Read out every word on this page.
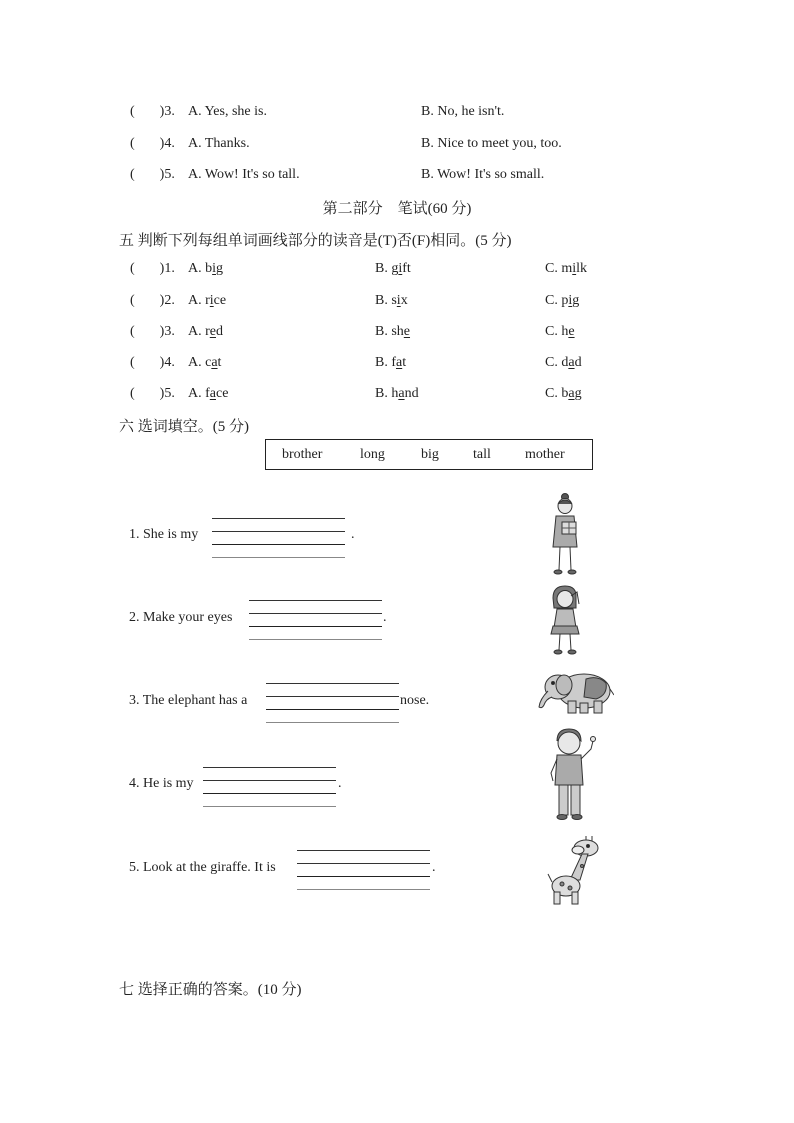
( )3. A. Yes, she is.	B. No, he isn't.
( )4. A. Thanks.	B. Nice to meet you, too.
( )5. A. Wow! It's so tall.	B. Wow! It's so small.
第二部分　笔试(60 分)
五 判断下列每组单词画线部分的读音是(T)否(F)相同。(5 分)
( )1. A. big	B. gift	C. milk
( )2. A. rice	B. six	C. pig
( )3. A. red	B. she	C. he
( )4. A. cat	B. fat	C. dad
( )5. A. face	B. hand	C. bag
六 选词填空。(5 分)
brother	long	big tall mother
1. She is my	.
2. Make your eyes	.
3. The elephant has a	nose.
4. He is my	.
5. Look at the giraffe. It is	.
七 选择正确的答案。(10 分)
